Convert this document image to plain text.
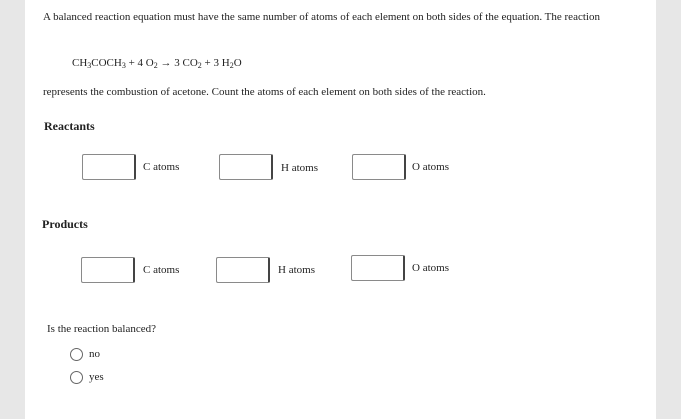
A balanced reaction equation must have the same number of atoms of each element on both sides of the equation. The reaction
$CH_3COCH_3 + 4$ $O_2 \to 3$ $CO_2 + 3$ $H_2O$
represents the combustion of acetone. Count the atoms of each element on both sides of the reaction.
Reactants
C atoms	H atoms	O atoms
Products
C atoms	H atoms	O atoms
Is the reaction balanced?
no
yes
